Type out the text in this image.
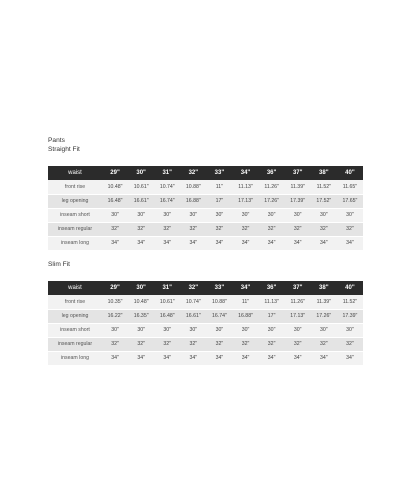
Pants
Straight Fit
waist	29"	30"	31"	32"	33"	34"	36"	37"	38"	40"
front rise	10.48"	10.61"	10.74"	10.88"	11"	11.13"	11.26"	11.39"	11.52"	11.65"
leg opening	16.48"	16.61"	16.74"	16.88"	17"	17.13"	17.26"	17.39"	17.52"	17.65"
inseam short	30"	30"	30"	30"	30"	30"	30"	30"	30"	30"
inseam regular	32"	32"	32"	32"	32"	32"	32"	32"	32"	32"
inseam long	34"	34"	34"	34"	34"	34"	34"	34"	34"	34"
Slim Fit
waist	29"	30"	31"	32"	33"	34"	36"	37"	38"	40"
front rise	10.35"	10.48"	10.61"	10.74"	10.88"	11"	11.13"	11.26"	11.39"	11.52"
leg opening	16.22"	16.35"	16.48"	16.61"	16.74"	16.88"	17"	17.13"	17.26"	17.39"
inseam short	30"	30"	30"	30"	30"	30"	30"	30"	30"	30"
inseam regular	32"	32"	32"	32"	32"	32"	32"	32"	32"	32"
inseam long	34"	34"	34"	34"	34"	34"	34"	34"	34"	34"
